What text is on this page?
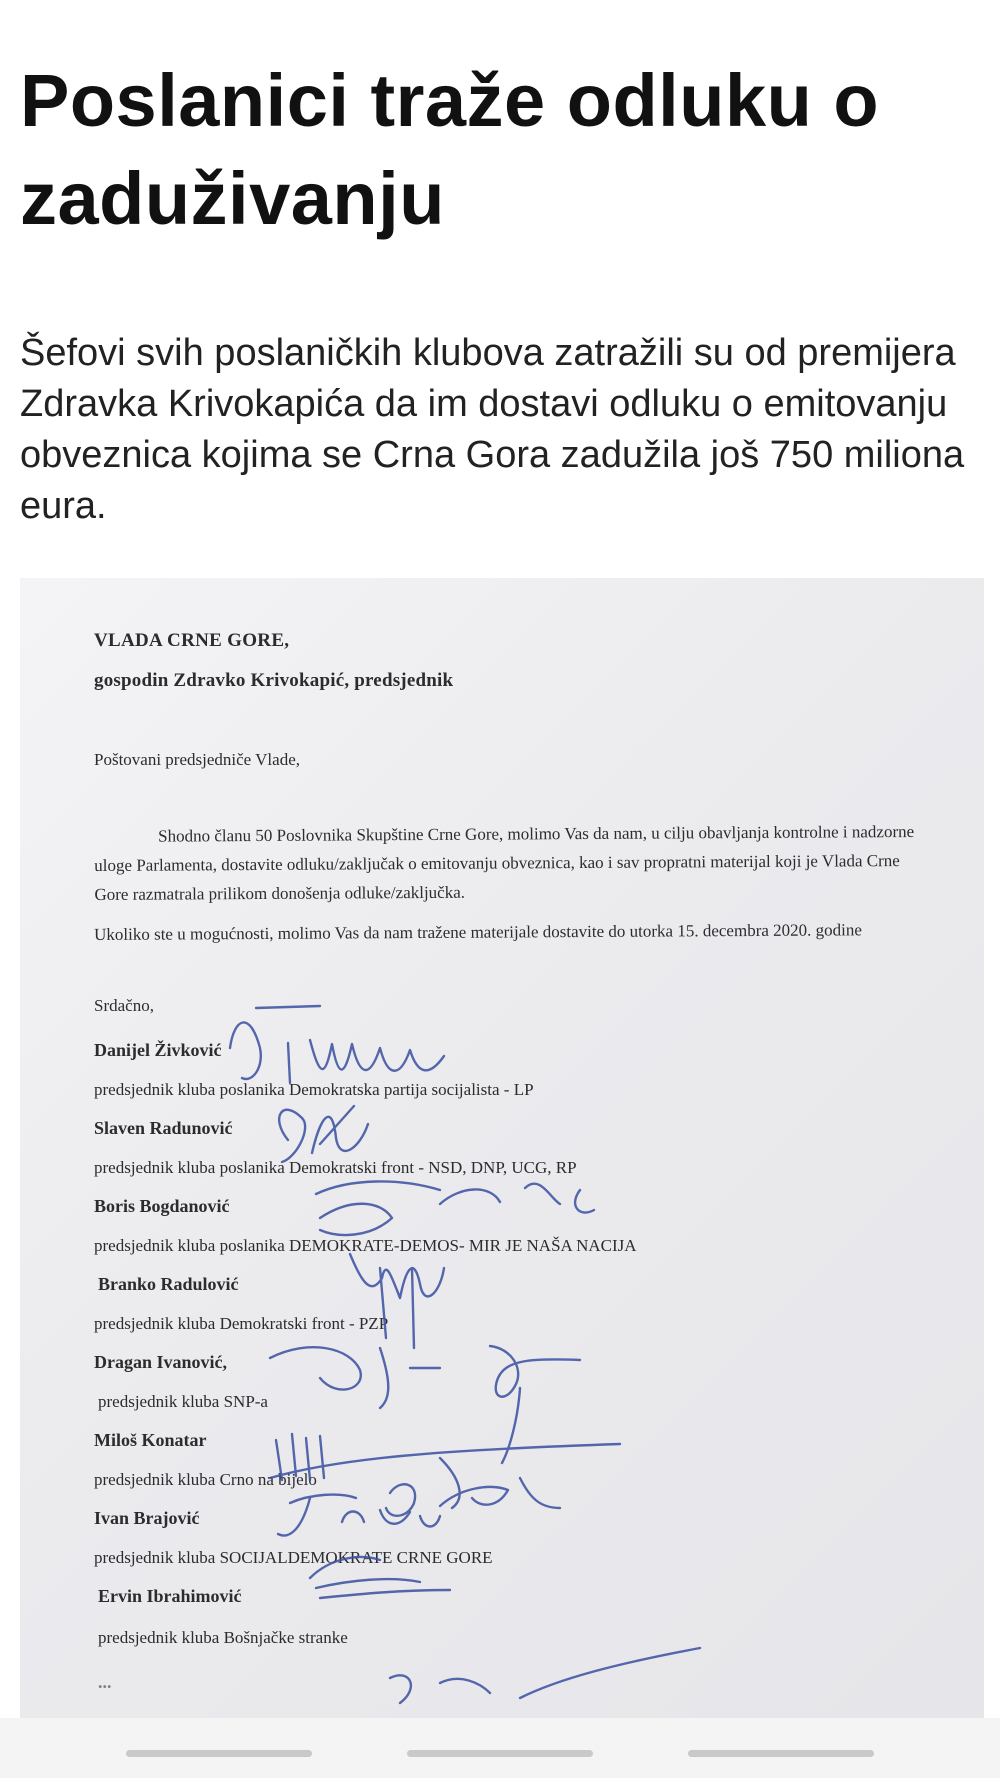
Poslanici traže odluku o zaduživanju

Šefovi svih poslaničkih klubova zatražili su od premijera Zdravka Krivokapića da im dostavi odluku o emitovanju obveznica kojima se Crna Gora zadužila još 750 miliona eura.

VLADA CRNE GORE,
gospodin Zdravko Krivokapić, predsjednik
Poštovani predsjedniče Vlade,
Shodno članu 50 Poslovnika Skupštine Crne Gore, molimo Vas da nam, u cilju obavljanja kontrolne i nadzorne uloge Parlamenta, dostavite odluku/zaključak o emitovanju obveznica, kao i sav propratni materijal koji je Vlada Crne Gore razmatrala prilikom donošenja odluke/zaključka.
Ukoliko ste u mogućnosti, molimo Vas da nam tražene materijale dostavite do utorka 15. decembra 2020. godine
Srdačno,
Danijel Živković
predsjednik kluba poslanika Demokratska partija socijalista - LP
Slaven Radunović
predsjednik kluba poslanika Demokratski front - NSD, DNP, UCG, RP
Boris Bogdanović
predsjednik kluba poslanika DEMOKRATE-DEMOS- MIR JE NAŠA NACIJA
Branko Radulović
predsjednik kluba Demokratski front - PZP
Dragan Ivanović,
predsjednik kluba SNP-a
Miloš Konatar
predsjednik kluba Crno na bijelo
Ivan Brajović
predsjednik kluba SOCIJALDEMOKRATE CRNE GORE
Ervin Ibrahimović
predsjednik kluba Bošnjačke stranke
...
